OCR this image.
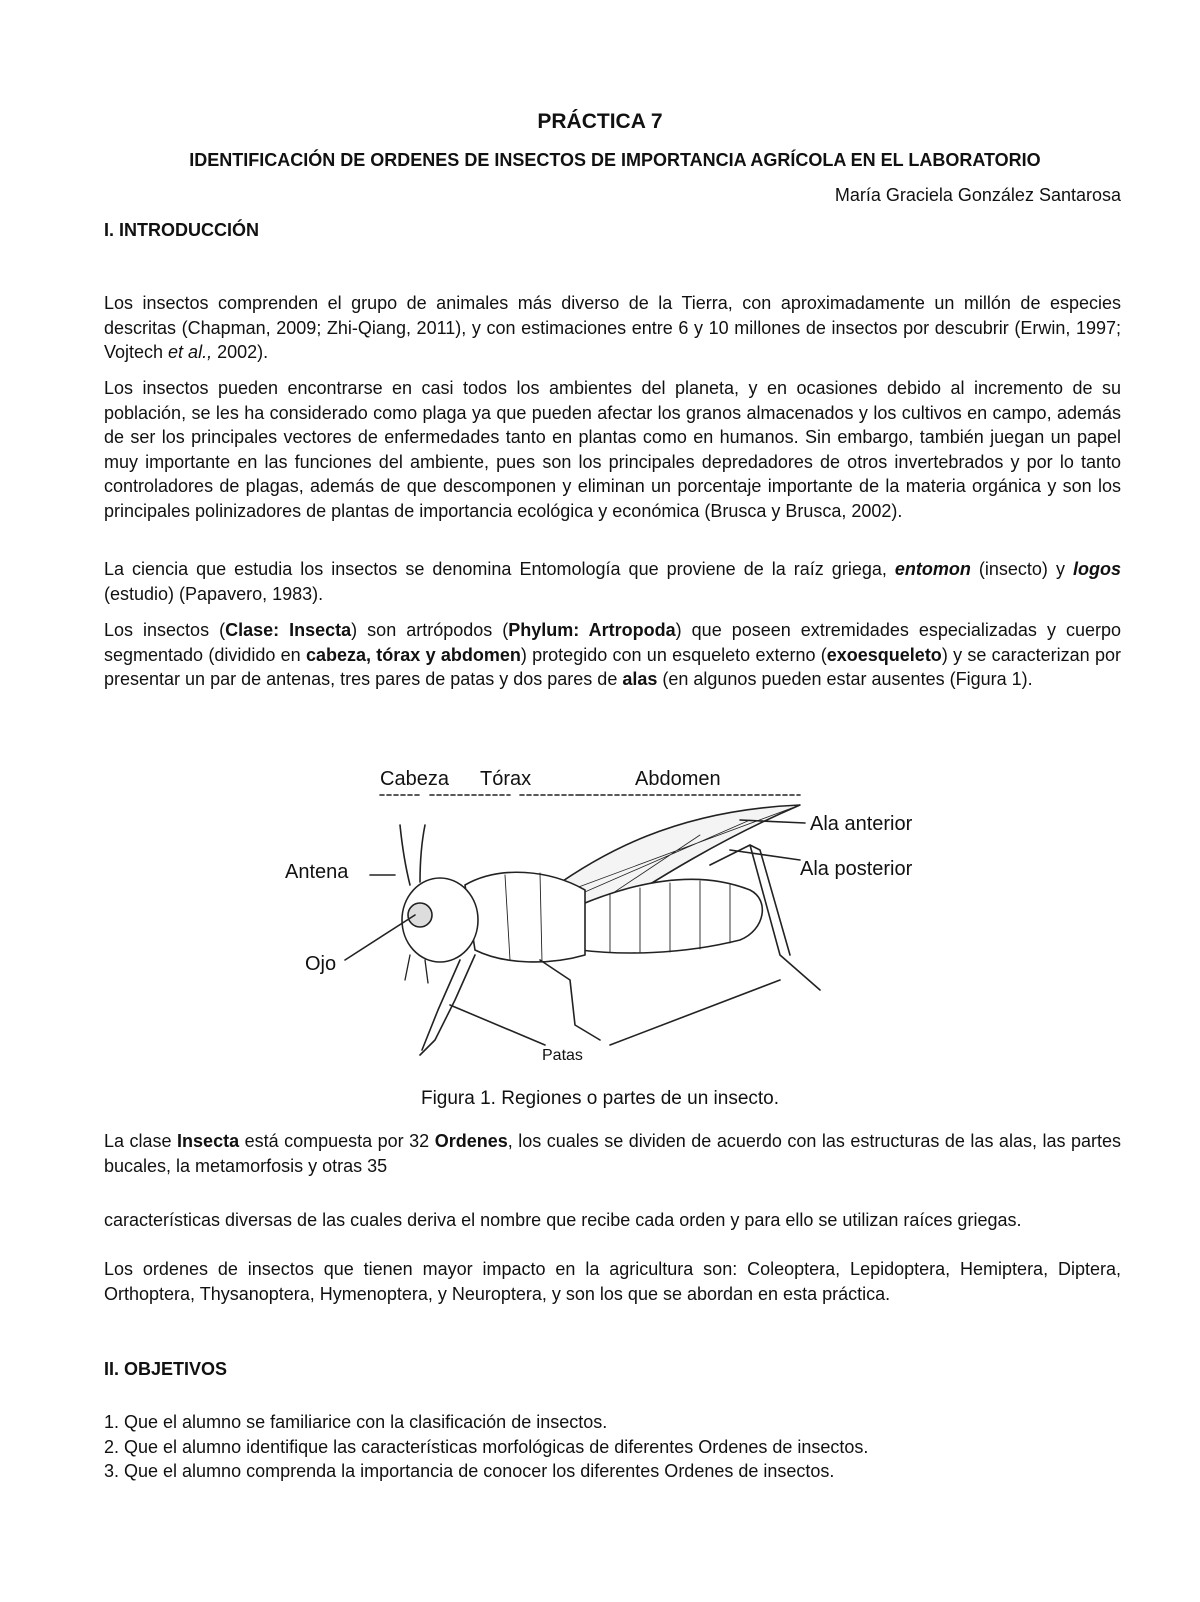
PRÁCTICA 7

IDENTIFICACIÓN DE ORDENES DE INSECTOS DE IMPORTANCIA AGRÍCOLA EN EL LABORATORIO

María Graciela González Santarosa

I. INTRODUCCIÓN

Los insectos comprenden el grupo de animales más diverso de la Tierra, con aproximadamente un millón de especies descritas (Chapman, 2009; Zhi-Qiang, 2011), y con estimaciones entre 6 y 10 millones de insectos por descubrir (Erwin, 1997; Vojtech et al., 2002).

Los insectos pueden encontrarse en casi todos los ambientes del planeta, y en ocasiones debido al incremento de su población, se les ha considerado como plaga ya que pueden afectar los granos almacenados y los cultivos en campo, además de ser los principales vectores de enfermedades tanto en plantas como en humanos. Sin embargo, también juegan un papel muy importante en las funciones del ambiente, pues son los principales depredadores de otros invertebrados y por lo tanto controladores de plagas, además de que descomponen y eliminan un porcentaje importante de la materia orgánica y son los principales polinizadores de plantas de importancia ecológica y económica (Brusca y Brusca, 2002).

La ciencia que estudia los insectos se denomina Entomología que proviene de la raíz griega, entomon (insecto) y logos (estudio) (Papavero, 1983).

Los insectos (Clase: Insecta) son artrópodos (Phylum: Artropoda) que poseen extremidades especializadas y cuerpo segmentado (dividido en cabeza, tórax y abdomen) protegido con un esqueleto externo (exoesqueleto) y se caracterizan por presentar un par de antenas, tres pares de patas y dos pares de alas (en algunos pueden estar ausentes (Figura 1).

Cabeza Tórax	Abdomen
Ala anterior
Ala posterior
Antena
Ojo
Patas

Figura 1. Regiones o partes de un insecto.

La clase Insecta está compuesta por 32 Ordenes, los cuales se dividen de acuerdo con las estructuras de las alas, las partes bucales, la metamorfosis y otras 35

características diversas de las cuales deriva el nombre que recibe cada orden y para ello se utilizan raíces griegas.

Los ordenes de insectos que tienen mayor impacto en la agricultura son: Coleoptera, Lepidoptera, Hemiptera, Diptera, Orthoptera, Thysanoptera, Hymenoptera, y Neuroptera, y son los que se abordan en esta práctica.

II. OBJETIVOS

1. Que el alumno se familiarice con la clasificación de insectos.
2. Que el alumno identifique las características morfológicas de diferentes Ordenes de insectos.
3. Que el alumno comprenda la importancia de conocer los diferentes Ordenes de insectos.
